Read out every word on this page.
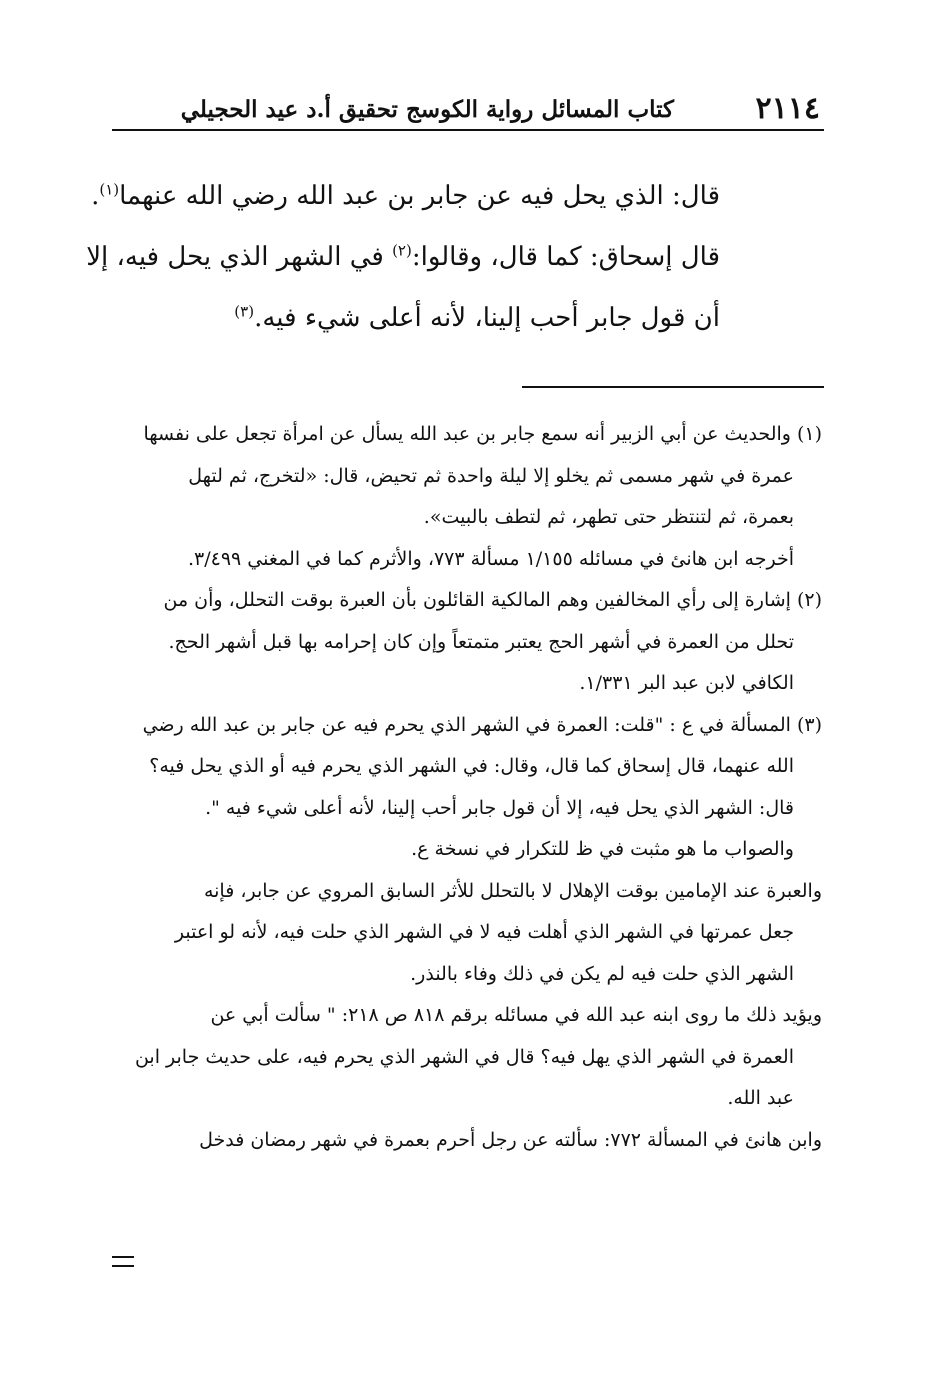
٢١١٤
كتاب المسائل رواية الكوسج تحقيق أ.د عيد الحجيلي
قال: الذي يحل فيه عن جابر بن عبد الله رضي الله عنهما$^{(١)}$.
قال إسحاق: كما قال، وقالوا:$^{(٢)}$ في الشهر الذي يحل فيه، إلا
أن قول جابر أحب إلينا، لأنه أعلى شيء فيه.$^{(٣)}$
(١)والحديث عن أبي الزبير أنه سمع جابر بن عبد الله يسأل عن امرأة تجعل على نفسها
عمرة في شهر مسمى ثم يخلو إلا ليلة واحدة ثم تحيض، قال: «لتخرج، ثم لتهل
بعمرة، ثم لتنتظر حتى تطهر، ثم لتطف بالبيت».
أخرجه ابن هانئ في مسائله ١/١٥٥ مسألة ٧٧٣، والأثرم كما في المغني ٣/٤٩٩.
(٢)إشارة إلى رأي المخالفين وهم المالكية القائلون بأن العبرة بوقت التحلل، وأن من
تحلل من العمرة في أشهر الحج يعتبر متمتعاً وإن كان إحرامه بها قبل أشهر الحج.
الكافي لابن عبد البر ١/٣٣١.
(٣)المسألة في ع : "قلت: العمرة في الشهر الذي يحرم فيه عن جابر بن عبد الله رضي
الله عنهما، قال إسحاق كما قال، وقال: في الشهر الذي يحرم فيه أو الذي يحل فيه؟
قال: الشهر الذي يحل فيه، إلا أن قول جابر أحب إلينا، لأنه أعلى شيء فيه ".
والصواب ما هو مثبت في ظ للتكرار في نسخة ع.
والعبرة عند الإمامين بوقت الإهلال لا بالتحلل للأثر السابق المروي عن جابر، فإنه
جعل عمرتها في الشهر الذي أهلت فيه لا في الشهر الذي حلت فيه، لأنه لو اعتبر
الشهر الذي حلت فيه لم يكن في ذلك وفاء بالنذر.
ويؤيد ذلك ما روى ابنه عبد الله في مسائله برقم ٨١٨ ص ٢١٨: " سألت أبي عن
العمرة في الشهر الذي يهل فيه؟ قال في الشهر الذي يحرم فيه، على حديث جابر ابن
عبد الله.
وابن هانئ في المسألة ٧٧٢: سألته عن رجل أحرم بعمرة في شهر رمضان فدخل
